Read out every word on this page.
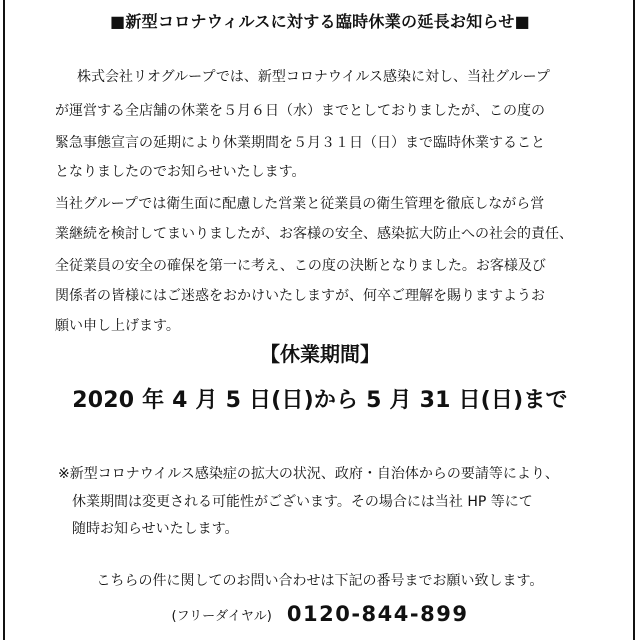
■新型コロナウィルスに対する臨時休業の延長お知らせ■
株式会社リオグループでは、新型コロナウイルス感染に対し、当社グループ
が運営する全店舗の休業を５月６日（水）までとしておりましたが、この度の
緊急事態宣言の延期により休業期間を５月３１日（日）まで臨時休業すること
となりましたのでお知らせいたします。
当社グループでは衛生面に配慮した営業と従業員の衛生管理を徹底しながら営
業継続を検討してまいりましたが、お客様の安全、感染拡大防止への社会的責任、
全従業員の安全の確保を第一に考え、この度の決断となりました。お客様及び
関係者の皆様にはご迷惑をおかけいたしますが、何卒ご理解を賜りますようお
願い申し上げます。
【休業期間】
2020 年 4 月 5 日(日)から 5 月 31 日(日)まで
※新型コロナウイルス感染症の拡大の状況、政府・自治体からの要請等により、
休業期間は変更される可能性がございます。その場合には当社 HP 等にて
随時お知らせいたします。
こちらの件に関してのお問い合わせは下記の番号までお願い致します。
(フリーダイヤル) 0120-844-899
